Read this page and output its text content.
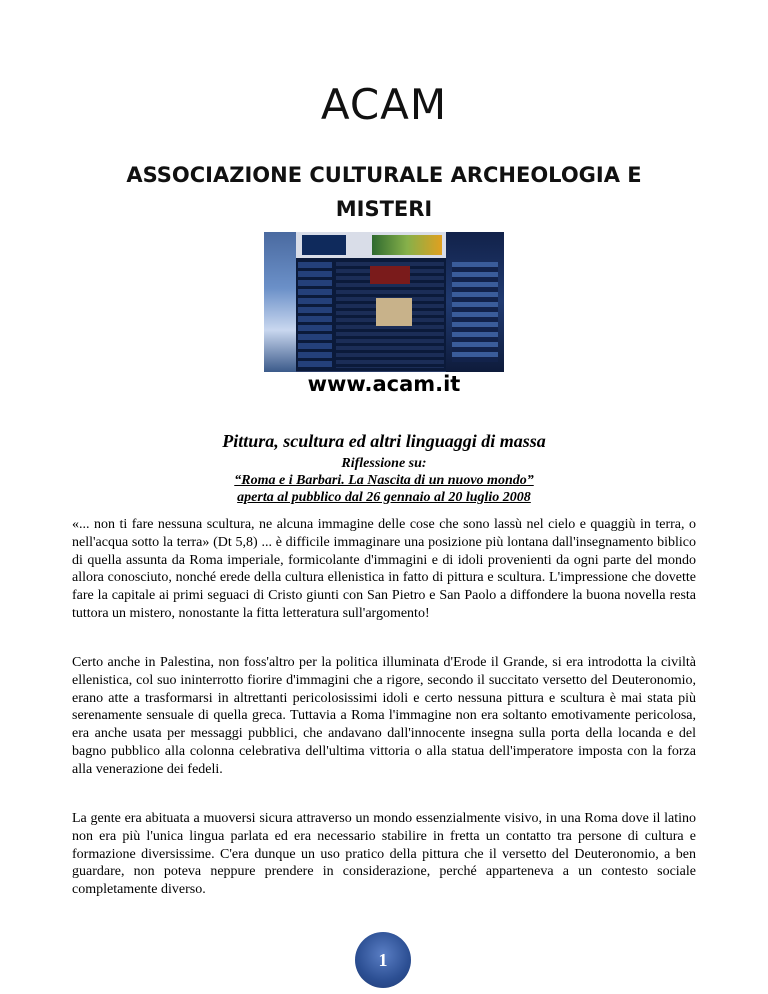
ACAM
ASSOCIAZIONE CULTURALE ARCHEOLOGIA E MISTERI
www.acam.it
Pittura, scultura ed altri linguaggi di massa
Riflessione su:
“Roma e i Barbari. La Nascita di un nuovo mondo”
aperta al pubblico dal 26 gennaio al 20 luglio 2008
«... non ti fare nessuna scultura, ne alcuna immagine delle cose che sono lassù nel cielo e quaggiù in terra, o nell'acqua sotto la terra» (Dt 5,8) ... è difficile immaginare una posizione più lontana dall'insegnamento biblico di quella assunta da Roma imperiale, formicolante d'immagini e di idoli provenienti da ogni parte del mondo allora conosciuto, nonché erede della cultura ellenistica in fatto di pittura e scultura. L'impressione che dovette fare la capitale ai primi seguaci di Cristo giunti con San Pietro e San Paolo a diffondere la buona novella resta tuttora un mistero, nonostante la fitta letteratura sull'argomento!
Certo anche in Palestina, non foss'altro per la politica illuminata d'Erode il Grande, si era introdotta la civiltà ellenistica, col suo ininterrotto fiorire d'immagini che a rigore, secondo il succitato versetto del Deuteronomio, erano atte a trasformarsi in altrettanti pericolosissimi idoli e certo nessuna pittura e scultura è mai stata più serenamente sensuale di quella greca. Tuttavia a Roma l'immagine non era soltanto emotivamente pericolosa, era anche usata per messaggi pubblici, che andavano dall'innocente insegna sulla porta della locanda e del bagno pubblico alla colonna celebrativa dell'ultima vittoria o alla statua dell'imperatore imposta con la forza alla venerazione dei fedeli.
La gente era abituata a muoversi sicura attraverso un mondo essenzialmente visivo, in una Roma dove il latino non era più l'unica lingua parlata ed era necessario stabilire in fretta un contatto tra persone di cultura e formazione diversissime. C'era dunque un uso pratico della pittura che il versetto del Deuteronomio, a ben guardare, non poteva neppure prendere in considerazione, perché apparteneva a un contesto sociale completamente diverso.
1
